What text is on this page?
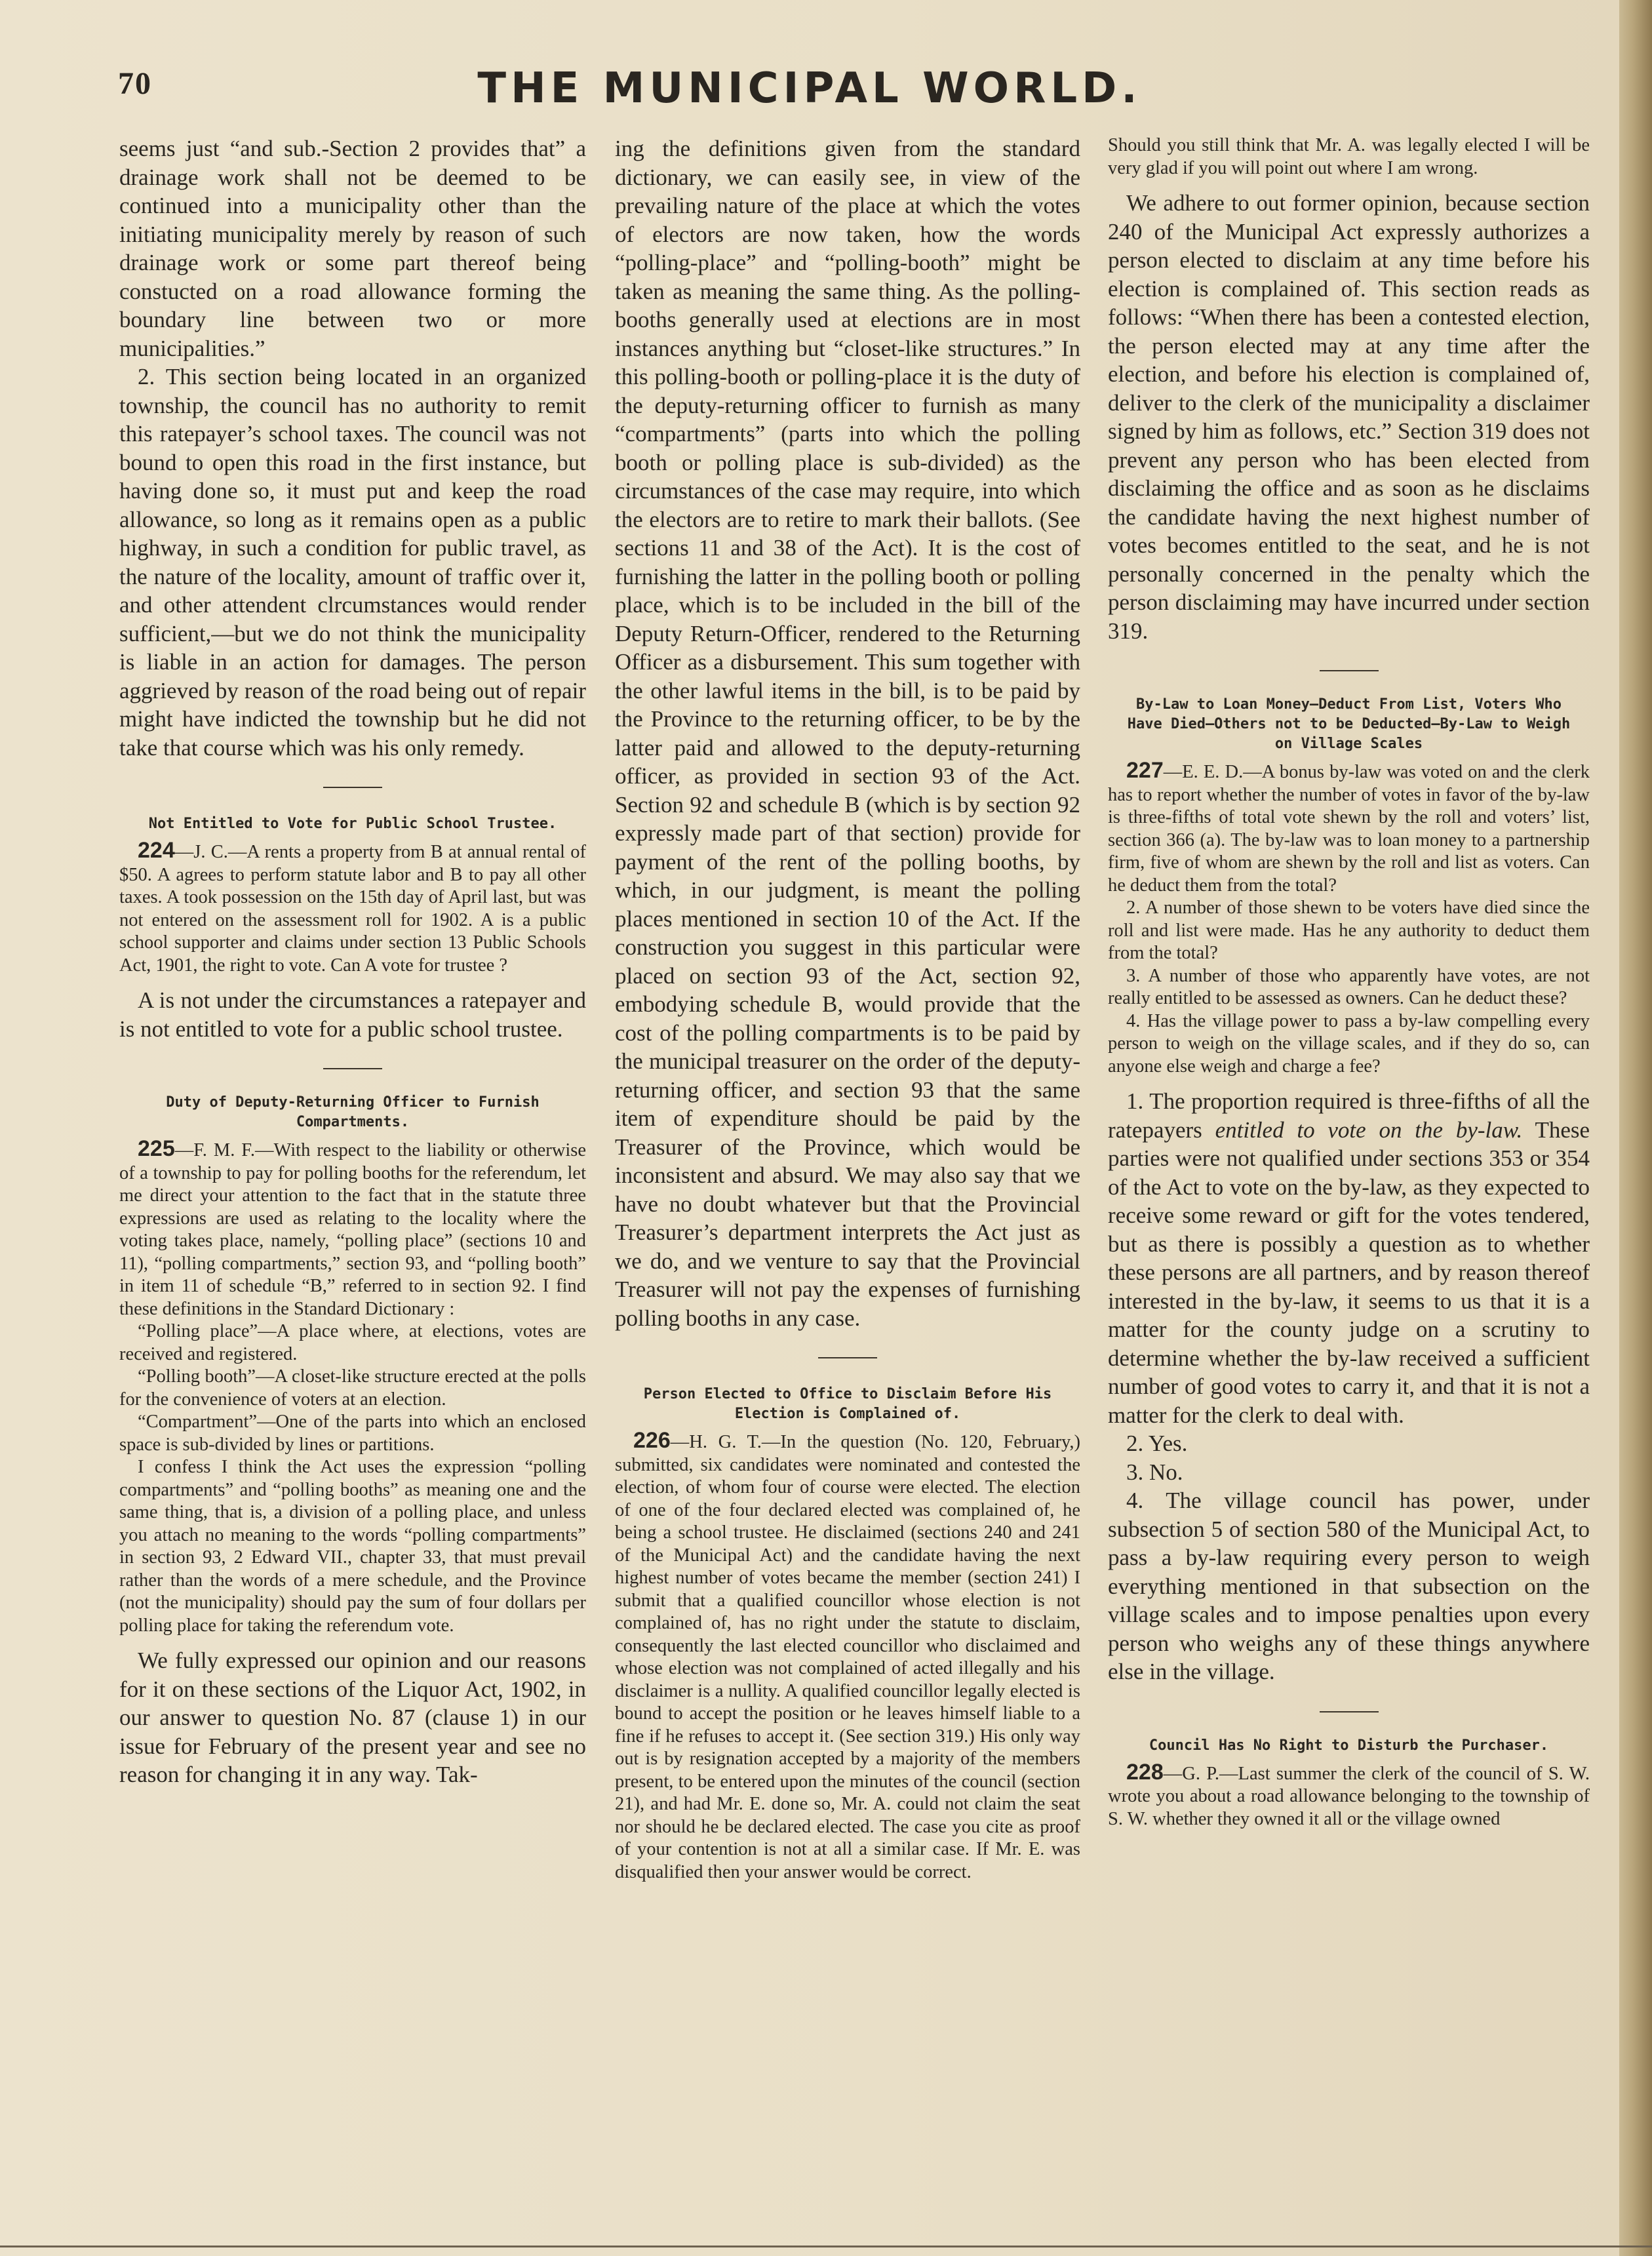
70	THE MUNICIPAL WORLD.

seems just “and sub.-Section 2 provides that” a drainage work shall not be deemed to be continued into a municipality other than the initiating municipality merely by reason of such drainage work or some part thereof being constucted on a road allowance forming the boundary line between two or more municipalities.”

2. This section being located in an organized township, the council has no authority to remit this ratepayer’s school taxes. The council was not bound to open this road in the first instance, but having done so, it must put and keep the road allowance, so long as it remains open as a public highway, in such a condition for public travel, as the nature of the locality, amount of traffic over it, and other attendent clrcumstances would render sufficient,—but we do not think the municipality is liable in an action for damages. The person aggrieved by reason of the road being out of repair might have indicted the township but he did not take that course which was his only remedy.

Not Entitled to Vote for Public School Trustee.

224—J. C.—A rents a property from B at annual rental of $50. A agrees to perform statute labor and B to pay all other taxes. A took possession on the 15th day of April last, but was not entered on the assessment roll for 1902. A is a public school supporter and claims under section 13 Public Schools Act, 1901, the right to vote. Can A vote for trustee ?

A is not under the circumstances a ratepayer and is not entitled to vote for a public school trustee.

Duty of Deputy-Returning Officer to Furnish Compartments.

225—F. M. F.—With respect to the liability or otherwise of a township to pay for polling booths for the referendum, let me direct your attention to the fact that in the statute three expressions are used as relating to the locality where the voting takes place, namely, “polling place” (sections 10 and 11), “polling compartments,” section 93, and “polling booth” in item 11 of schedule “B,” referred to in section 92. I find these definitions in the Standard Dictionary :

“Polling place”—A place where, at elections, votes are received and registered.

“Polling booth”—A closet-like structure erected at the polls for the convenience of voters at an election.

“Compartment”—One of the parts into which an enclosed space is sub-divided by lines or partitions.

I confess I think the Act uses the expression “polling compartments” and “polling booths” as meaning one and the same thing, that is, a division of a polling place, and unless you attach no meaning to the words “polling compartments” in section 93, 2 Edward VII., chapter 33, that must prevail rather than the words of a mere schedule, and the Province (not the municipality) should pay the sum of four dollars per polling place for taking the referendum vote.

We fully expressed our opinion and our reasons for it on these sections of the Liquor Act, 1902, in our answer to question No. 87 (clause 1) in our issue for February of the present year and see no reason for changing it in any way. Tak-

ing the definitions given from the standard dictionary, we can easily see, in view of the prevailing nature of the place at which the votes of electors are now taken, how the words “polling-place” and “polling-booth” might be taken as meaning the same thing. As the polling-booths generally used at elections are in most instances anything but “closet-like structures.” In this polling-booth or polling-place it is the duty of the deputy-returning officer to furnish as many “compartments” (parts into which the polling booth or polling place is sub-divided) as the circumstances of the case may require, into which the electors are to retire to mark their ballots. (See sections 11 and 38 of the Act). It is the cost of furnishing the latter in the polling booth or polling place, which is to be included in the bill of the Deputy Return-Officer, rendered to the Returning Officer as a disbursement. This sum together with the other lawful items in the bill, is to be paid by the Province to the returning officer, to be by the latter paid and allowed to the deputy-returning officer, as provided in section 93 of the Act. Section 92 and schedule B (which is by section 92 expressly made part of that section) provide for payment of the rent of the polling booths, by which, in our judgment, is meant the polling places mentioned in section 10 of the Act. If the construction you suggest in this particular were placed on section 93 of the Act, section 92, embodying schedule B, would provide that the cost of the polling compartments is to be paid by the municipal treasurer on the order of the deputy-returning officer, and section 93 that the same item of expenditure should be paid by the Treasurer of the Province, which would be inconsistent and absurd. We may also say that we have no doubt whatever but that the Provincial Treasurer’s department interprets the Act just as we do, and we venture to say that the Provincial Treasurer will not pay the expenses of furnishing polling booths in any case.

Person Elected to Office to Disclaim Before His Election is Complained of.

226—H. G. T.—In the question (No. 120, February,) submitted, six candidates were nominated and contested the election, of whom four of course were elected. The election of one of the four declared elected was complained of, he being a school trustee. He disclaimed (sections 240 and 241 of the Municipal Act) and the candidate having the next highest number of votes became the member (section 241) I submit that a qualified councillor whose election is not complained of, has no right under the statute to disclaim, consequently the last elected councillor who disclaimed and whose election was not complained of acted illegally and his disclaimer is a nullity. A qualified councillor legally elected is bound to accept the position or he leaves himself liable to a fine if he refuses to accept it. (See section 319.) His only way out is by resignation accepted by a majority of the members present, to be entered upon the minutes of the council (section 21), and had Mr. E. done so, Mr. A. could not claim the seat nor should he be declared elected. The case you cite as proof of your contention is not at all a similar case. If Mr. E. was disqualified then your answer would be correct.

Should you still think that Mr. A. was legally elected I will be very glad if you will point out where I am wrong.

We adhere to out former opinion, because section 240 of the Municipal Act expressly authorizes a person elected to disclaim at any time before his election is complained of. This section reads as follows: “When there has been a contested election, the person elected may at any time after the election, and before his election is complained of, deliver to the clerk of the municipality a disclaimer signed by him as follows, etc.” Section 319 does not prevent any person who has been elected from disclaiming the office and as soon as he disclaims the candidate having the next highest number of votes becomes entitled to the seat, and he is not personally concerned in the penalty which the person disclaiming may have incurred under section 319.

By-Law to Loan Money—Deduct From List, Voters Who Have Died—Others not to be Deducted—By-Law to Weigh on Village Scales

227—E. E. D.—A bonus by-law was voted on and the clerk has to report whether the number of votes in favor of the by-law is three-fifths of total vote shewn by the roll and voters’ list, section 366 (a). The by-law was to loan money to a partnership firm, five of whom are shewn by the roll and list as voters. Can he deduct them from the total?

2. A number of those shewn to be voters have died since the roll and list were made. Has he any authority to deduct them from the total?

3. A number of those who apparently have votes, are not really entitled to be assessed as owners. Can he deduct these?

4. Has the village power to pass a by-law compelling every person to weigh on the village scales, and if they do so, can anyone else weigh and charge a fee?

1. The proportion required is three-fifths of all the ratepayers entitled to vote on the by-law. These parties were not qualified under sections 353 or 354 of the Act to vote on the by-law, as they expected to receive some reward or gift for the votes tendered, but as there is possibly a question as to whether these persons are all partners, and by reason thereof interested in the by-law, it seems to us that it is a matter for the county judge on a scrutiny to determine whether the by-law received a sufficient number of good votes to carry it, and that it is not a matter for the clerk to deal with.

2. Yes.

3. No.

4. The village council has power, under subsection 5 of section 580 of the Municipal Act, to pass a by-law requiring every person to weigh everything mentioned in that subsection on the village scales and to impose penalties upon every person who weighs any of these things anywhere else in the village.

Council Has No Right to Disturb the Purchaser.

228—G. P.—Last summer the clerk of the council of S. W. wrote you about a road allowance belonging to the township of S. W. whether they owned it all or the village owned
